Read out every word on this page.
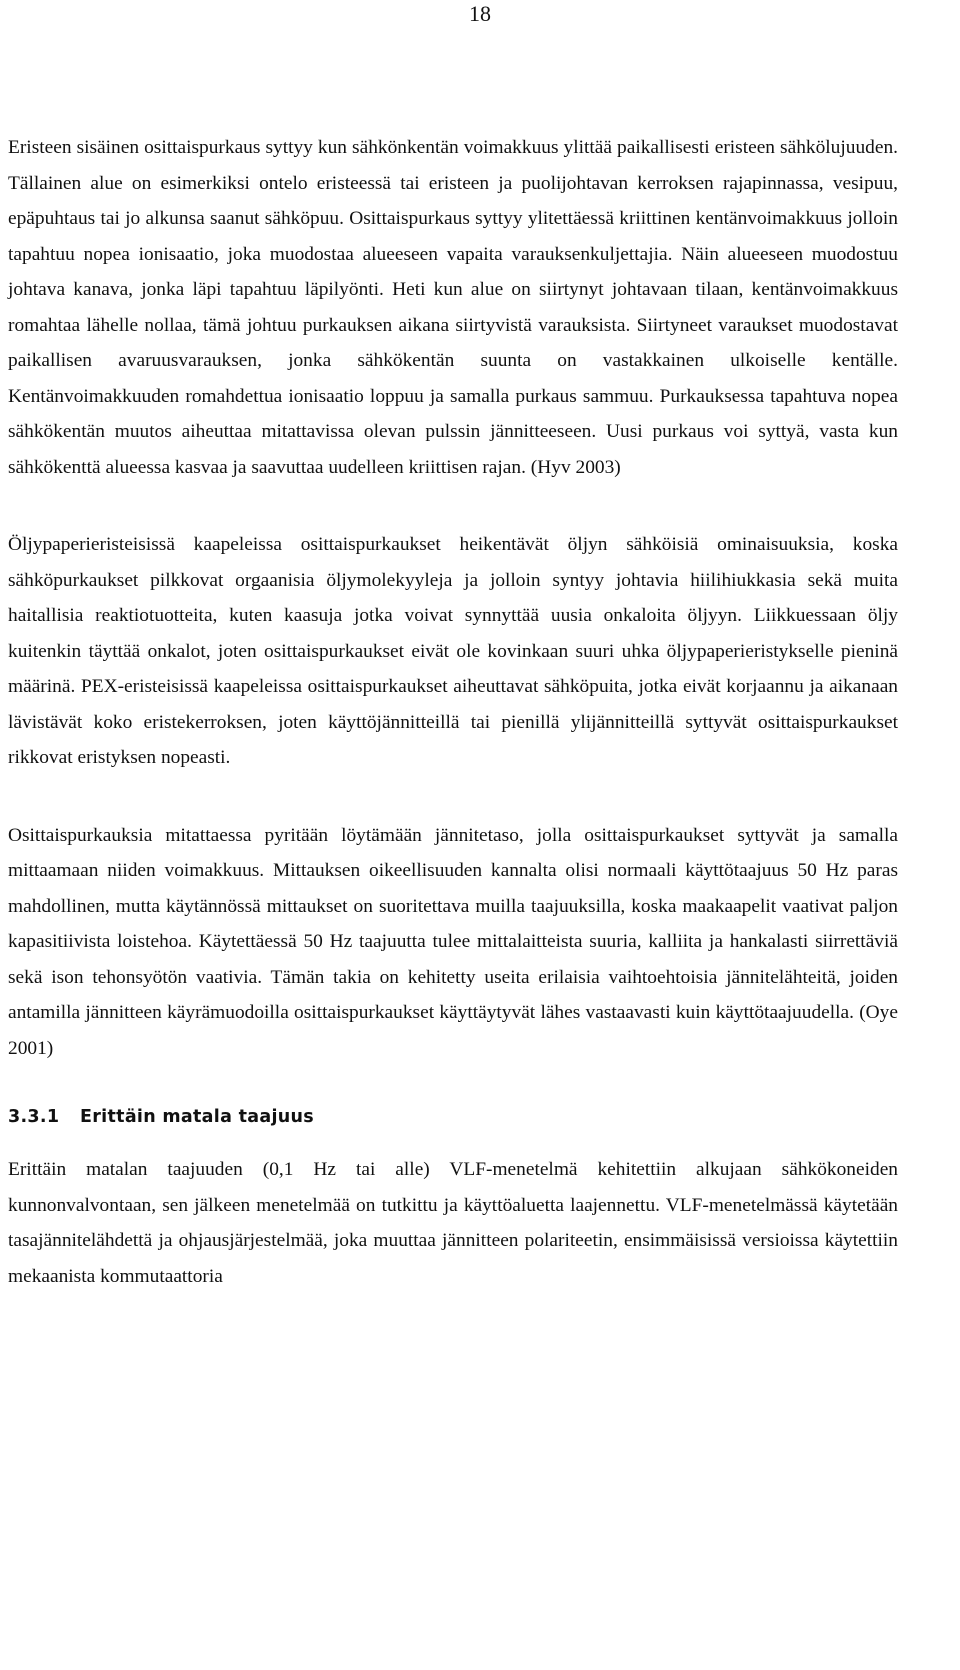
18

Eristeen sisäinen osittaispurkaus syttyy kun sähkönkentän voimakkuus ylittää paikallisesti eristeen sähkölujuuden. Tällainen alue on esimerkiksi ontelo eristeessä tai eristeen ja puolijohtavan kerroksen rajapinnassa, vesipuu, epäpuhtaus tai jo alkunsa saanut sähköpuu. Osittaispurkaus syttyy ylitettäessä kriittinen kentänvoimakkuus jolloin tapahtuu nopea ionisaatio, joka muodostaa alueeseen vapaita varauksenkuljettajia. Näin alueeseen muodostuu johtava kanava, jonka läpi tapahtuu läpilyönti. Heti kun alue on siirtynyt johtavaan tilaan, kentänvoimakkuus romahtaa lähelle nollaa, tämä johtuu purkauksen aikana siirtyvistä varauksista. Siirtyneet varaukset muodostavat paikallisen avaruusvarauksen, jonka sähkökentän suunta on vastakkainen ulkoiselle kentälle. Kentänvoimakkuuden romahdettua ionisaatio loppuu ja samalla purkaus sammuu. Purkauksessa tapahtuva nopea sähkökentän muutos aiheuttaa mitattavissa olevan pulssin jännitteeseen. Uusi purkaus voi syttyä, vasta kun sähkökenttä alueessa kasvaa ja saavuttaa uudelleen kriittisen rajan. (Hyv 2003)

Öljypaperieristeisissä kaapeleissa osittaispurkaukset heikentävät öljyn sähköisiä ominaisuuksia, koska sähköpurkaukset pilkkovat orgaanisia öljymolekyyleja ja jolloin syntyy johtavia hiilihiukkasia sekä muita haitallisia reaktiotuotteita, kuten kaasuja jotka voivat synnyttää uusia onkaloita öljyyn. Liikkuessaan öljy kuitenkin täyttää onkalot, joten osittaispurkaukset eivät ole kovinkaan suuri uhka öljypaperieristykselle pieninä määrinä. PEX-eristeisissä kaapeleissa osittaispurkaukset aiheuttavat sähköpuita, jotka eivät korjaannu ja aikanaan lävistävät koko eristekerroksen, joten käyttöjännitteillä tai pienillä ylijännitteillä syttyvät osittaispurkaukset rikkovat eristyksen nopeasti.

Osittaispurkauksia mitattaessa pyritään löytämään jännitetaso, jolla osittaispurkaukset syttyvät ja samalla mittaamaan niiden voimakkuus. Mittauksen oikeellisuuden kannalta olisi normaali käyttötaajuus 50 Hz paras mahdollinen, mutta käytännössä mittaukset on suoritettava muilla taajuuksilla, koska maakaapelit vaativat paljon kapasitiivista loistehoa. Käytettäessä 50 Hz taajuutta tulee mittalaitteista suuria, kalliita ja hankalasti siirrettäviä sekä ison tehonsyötön vaativia. Tämän takia on kehitetty useita erilaisia vaihtoehtoisia jännitelähteitä, joiden antamilla jännitteen käyrämuodoilla osittaispurkaukset käyttäytyvät lähes vastaavasti kuin käyttötaajuudella. (Oye 2001)

3.3.1 Erittäin matala taajuus

Erittäin matalan taajuuden (0,1 Hz tai alle) VLF-menetelmä kehitettiin alkujaan sähkökoneiden kunnonvalvontaan, sen jälkeen menetelmää on tutkittu ja käyttöaluetta laajennettu. VLF-menetelmässä käytetään tasajännitelähdettä ja ohjausjärjestelmää, joka muuttaa jännitteen polariteetin, ensimmäisissä versioissa käytettiin mekaanista kommutaattoria
